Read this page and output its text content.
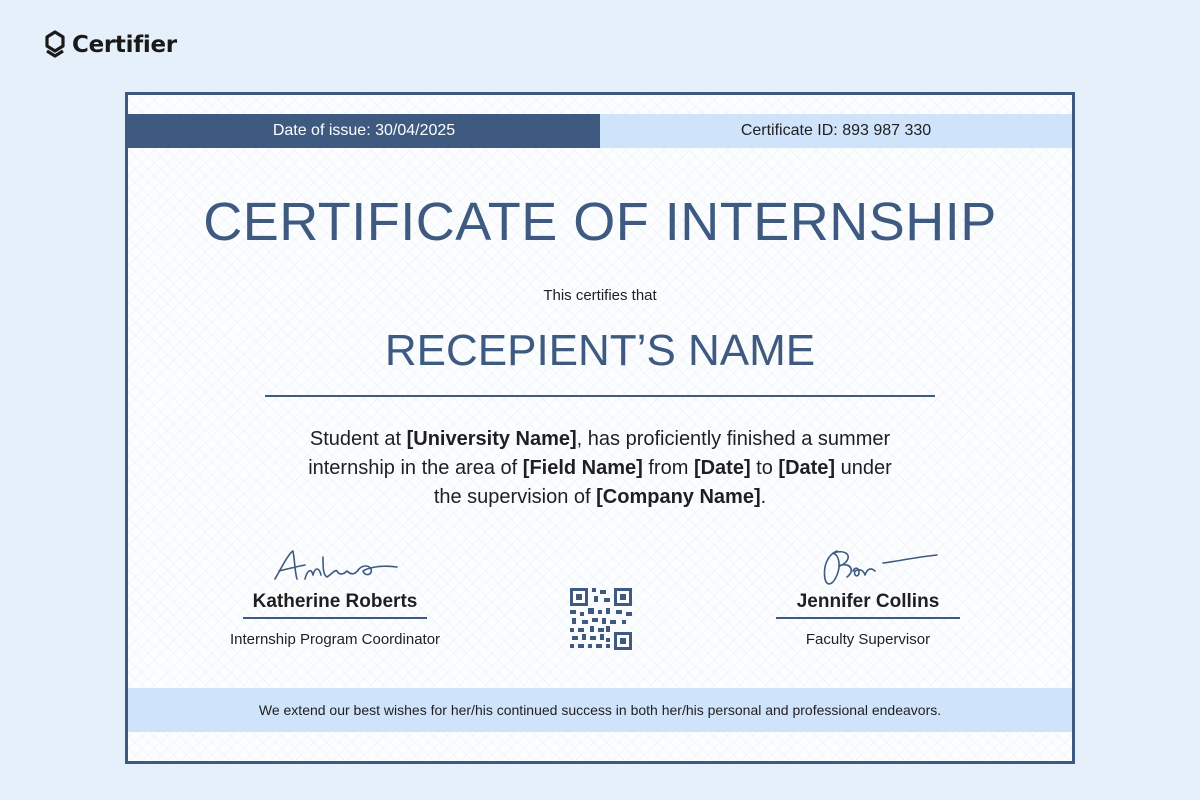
Certifier
Date of issue: 30/04/2025	Certificate ID: 893 987 330
CERTIFICATE OF INTERNSHIP
This certifies that
RECEPIENT’S NAME
Student at [University Name], has proficiently finished a summer
internship in the area of [Field Name] from [Date] to [Date] under
the supervision of [Company Name].
Katherine Roberts
Internship Program Coordinator
Jennifer Collins
Faculty Supervisor
We extend our best wishes for her/his continued success in both her/his personal and professional endeavors.
